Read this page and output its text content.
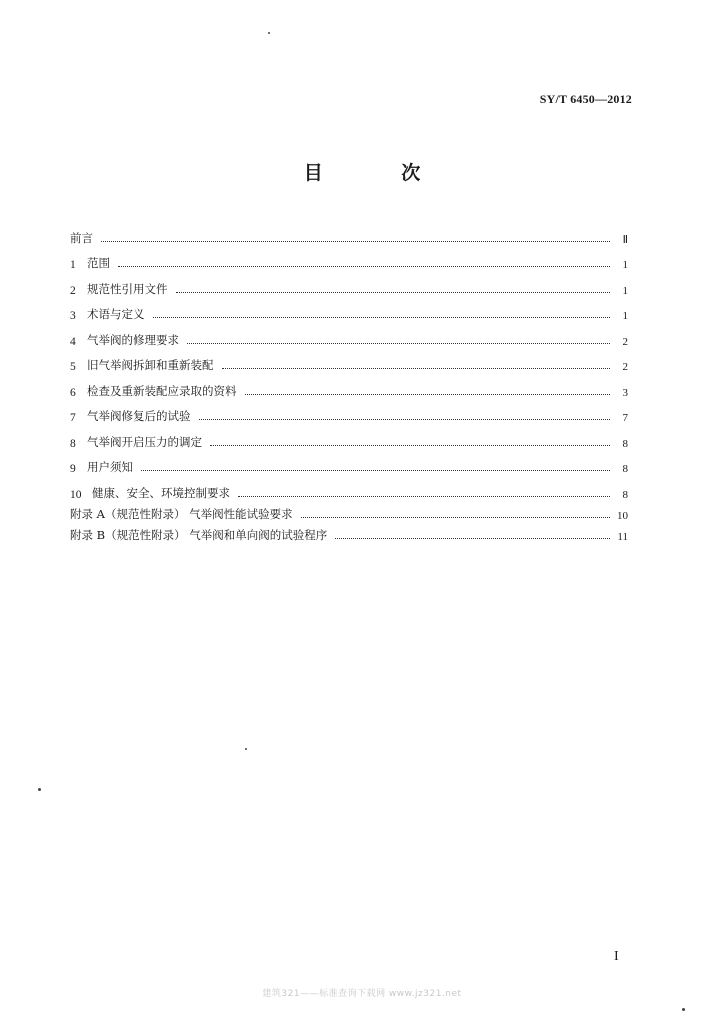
SY/T 6450—2012
目 次
前言	Ⅱ
1 范围	1
2 规范性引用文件	1
3 术语与定义	1
4 气举阀的修理要求	2
5 旧气举阀拆卸和重新装配	2
6 检查及重新装配应录取的资料	3
7 气举阀修复后的试验	7
8 气举阀开启压力的调定	8
9 用户须知	8
10 健康、安全、环境控制要求	8
附录 A（规范性附录） 气举阀性能试验要求	10
附录 B（规范性附录） 气举阀和单向阀的试验程序	11
I
建筑321——标准查询下载网 www.jz321.net
